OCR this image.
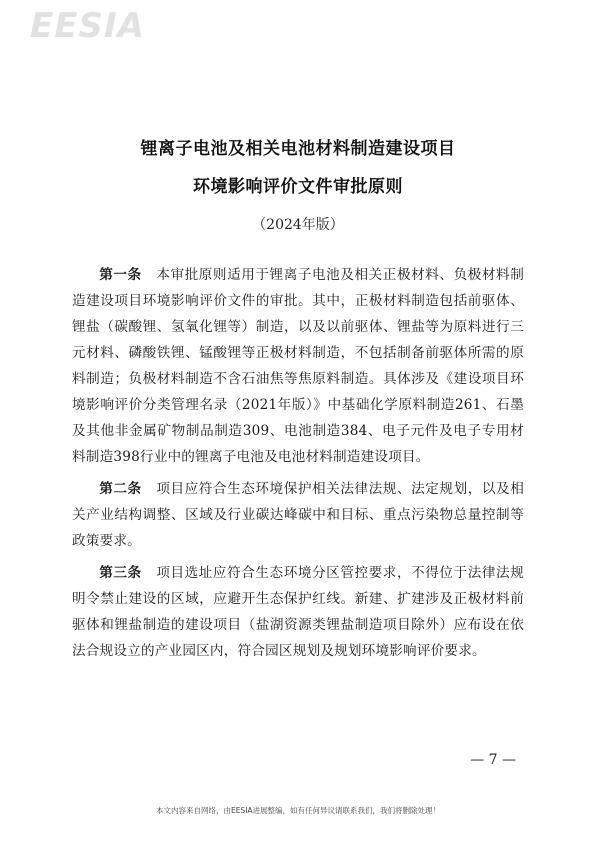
EESIA
锂离子电池及相关电池材料制造建设项目
环境影响评价文件审批原则
（2024年版）

第一条 本审批原则适用于锂离子电池及相关正极材料、负极材料制造建设项目环境影响评价文件的审批。其中，正极材料制造包括前驱体、锂盐（碳酸锂、氢氧化锂等）制造，以及以前驱体、锂盐等为原料进行三元材料、磷酸铁锂、锰酸锂等正极材料制造，不包括制备前驱体所需的原料制造；负极材料制造不含石油焦等焦原料制造。具体涉及《建设项目环境影响评价分类管理名录（2021年版）》中基础化学原料制造261、石墨及其他非金属矿物制品制造309、电池制造384、电子元件及电子专用材料制造398行业中的锂离子电池及电池材料制造建设项目。

第二条 项目应符合生态环境保护相关法律法规、法定规划，以及相关产业结构调整、区域及行业碳达峰碳中和目标、重点污染物总量控制等政策要求。

第三条 项目选址应符合生态环境分区管控要求，不得位于法律法规明令禁止建设的区域，应避开生态保护红线。新建、扩建涉及正极材料前驱体和锂盐制造的建设项目（盐湖资源类锂盐制造项目除外）应布设在依法合规设立的产业园区内，符合园区规划及规划环境影响评价要求。

— 7 —
本文内容来自网络，由EESIA进展整编，如有任何异议请联系我们，我们将删除处理！
